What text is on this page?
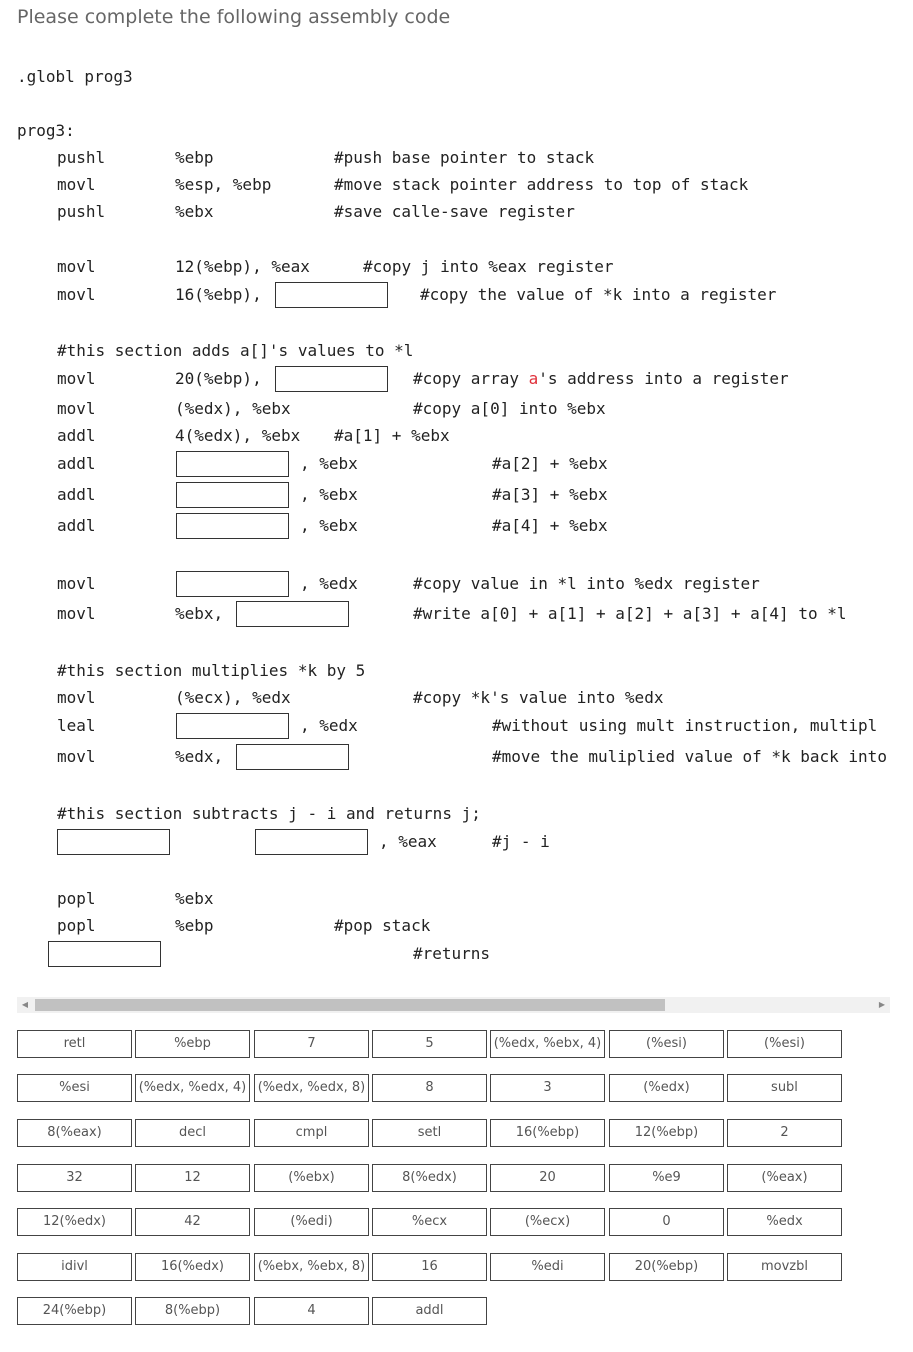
Please complete the following assembly code
.globl prog3
prog3:
pushl	%ebp	#push base pointer to stack
movl	%esp, %ebp	#move stack pointer address to top of stack
pushl	%ebx	#save calle-save register
movl	12(%ebp), %eax	#copy j into %eax register
movl	16(%ebp),	#copy the value of *k into a register
#this section adds a[]'s values to *l
movl	20(%ebp),	#copy array a's address into a register
movl	(%edx), %ebx	#copy a[0] into %ebx
addl	4(%edx), %ebx #a[1] + %ebx
addl	, %ebx	#a[2] + %ebx
addl	, %ebx	#a[3] + %ebx
addl	, %ebx	#a[4] + %ebx
movl	, %edx	#copy value in *l into %edx register
movl	%ebx,	#write a[0] + a[1] + a[2] + a[3] + a[4] to *l
#this section multiplies *k by 5
movl	(%ecx), %edx	#copy *k's value into %edx
leal	, %edx	#without using mult instruction, multipl
movl	%edx,	#move the muliplied value of *k back into
#this section subtracts j - i and returns j;
, %eax	#j - i
popl	%ebx
popl	%ebp	#pop stack
#returns
◀	▶
retl	%ebp	7	5	(%edx, %ebx, 4)	(%esi)	(%esi)
%esi	(%edx, %edx, 4) (%edx, %edx, 8)	8	3	(%edx)	subl
8(%eax)	decl	cmpl	setl	16(%ebp)	12(%ebp)	2
32	12	(%ebx)	8(%edx)	20	%e9	(%eax)
12(%edx)	42	(%edi)	%ecx	(%ecx)	0	%edx
idivl	16(%edx)	(%ebx, %ebx, 8)	16	%edi	20(%ebp)	movzbl
24(%ebp)	8(%ebp)	4	addl
